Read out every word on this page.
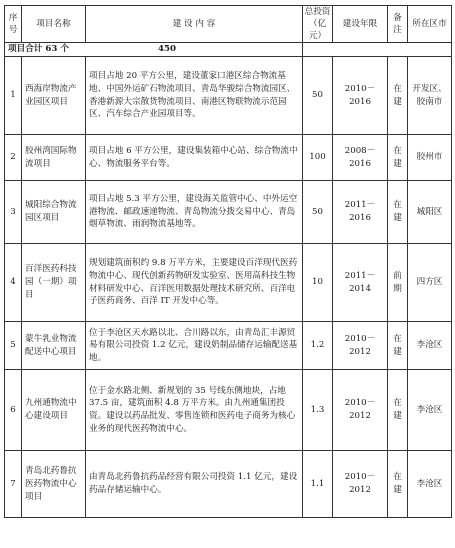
序号	项目名称	建 设 内 容	总投资（亿元）	建设年限	备注	所在区市
项目合计 63 个			450			
1	西海岸物流产业园区项目	项目占地 20 平方公里，建设董家口港区综合物流基地、中国外运矿石物流项目、青岛华骏综合物流园区、香港新源大宗散货物流项目、南港区物联物流示范园区、汽车综合产业园项目等。	50	2010－2016	在建	开发区、胶南市
2	胶州湾国际物流项目	项目占地 6 平方公里，建设集装箱中心站、综合物流中心、物流服务平台等。	100	2008－2016	在建	胶州市
3	城阳综合物流园区项目	项目占地 5.3 平方公里，建设海关监管中心、中外运空港物流、邮政速递物流、青岛物流分拨交易中心、青岛烟草物流、雨润物流基地等。	50	2011－2016	在建	城阳区
4	百洋医药科技园（一期）项目	规划建筑面积约 9.8 万平方米，主要建设百洋现代医药物流中心、现代创新药物研发实验室、医用高科技生物材料研发中心、百洋医用数据处理技术研究所、百洋电子医药商务、百洋 IT 开发中心等。	10	2011－2014	前期	四方区
5	蒙牛乳业物流配送中心项目	位于李沧区天水路以北、合川路以东，由青岛汇丰源贸易有限公司投资 1.2 亿元，建设奶制品储存运输配送基地。	1.2	2010－2012	在建	李沧区
6	九州通物流中心建设项目	位于金水路北侧、新规划的 35 号线东侧地块，占地 37.5 亩，建筑面积 4.8 万平方米。由九州通集团投资。建设以药品批发、零售连锁和医药电子商务为核心业务的现代医药物流中心。	1.3	2010－2012	在建	李沧区
7	青岛北药鲁抗医药物流中心项目	由青岛北药鲁抗药品经营有限公司投资 1.1 亿元，建设药品存储运输中心。	1.1	2010－2012	在建	李沧区
